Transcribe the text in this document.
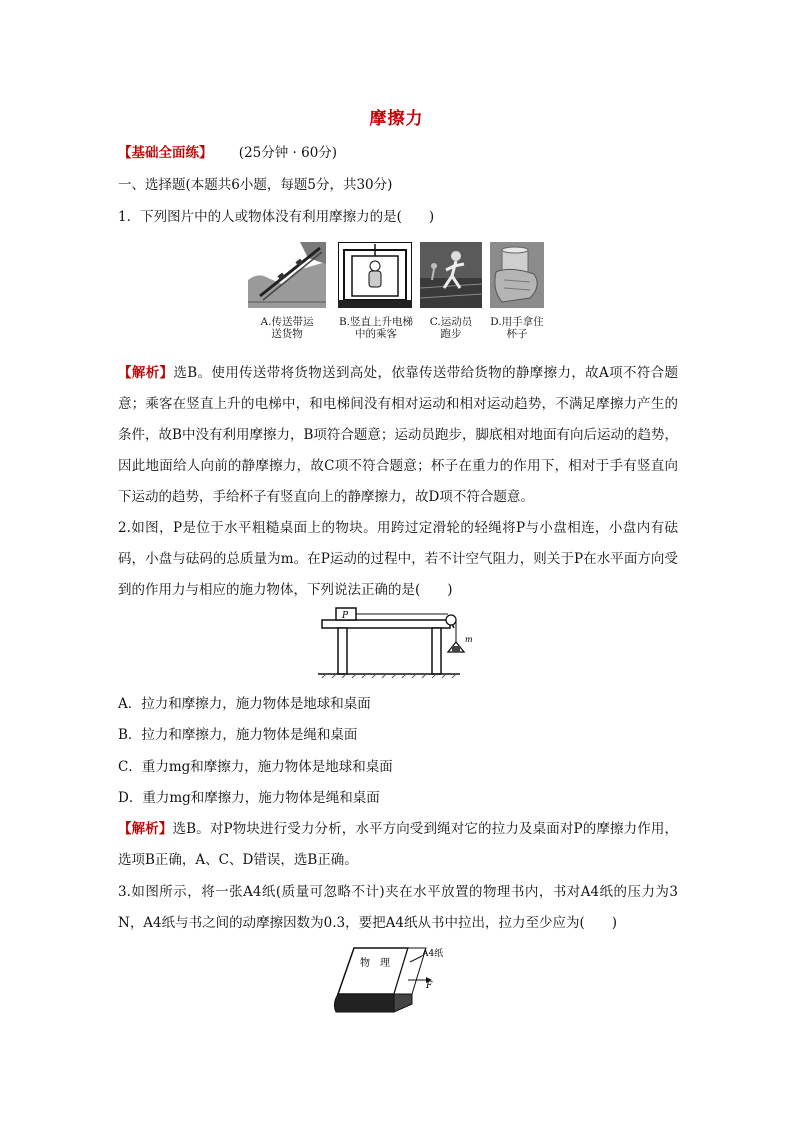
摩擦力
【基础全面练】 (25分钟 · 60分)
一、选择题(本题共6小题，每题5分，共30分)
1．下列图片中的人或物体没有利用摩擦力的是(　　)
A.传送带运
送货物
B.竖直上升电梯
中的乘客
C.运动员
跑步
D.用手拿住
杯子
【解析】选B。使用传送带将货物送到高处，依靠传送带给货物的静摩擦力，故A项不符合题意；乘客在竖直上升的电梯中，和电梯间没有相对运动和相对运动趋势，不满足摩擦力产生的条件，故B中没有利用摩擦力，B项符合题意；运动员跑步，脚底相对地面有向后运动的趋势，因此地面给人向前的静摩擦力，故C项不符合题意；杯子在重力的作用下，相对于手有竖直向下运动的趋势，手给杯子有竖直向上的静摩擦力，故D项不符合题意。
2.如图，P是位于水平粗糙桌面上的物块。用跨过定滑轮的轻绳将P与小盘相连，小盘内有砝码，小盘与砝码的总质量为m。在P运动的过程中，若不计空气阻力，则关于P在水平面方向受到的作用力与相应的施力物体，下列说法正确的是(　　)
P
m
A．拉力和摩擦力，施力物体是地球和桌面
B．拉力和摩擦力，施力物体是绳和桌面
C．重力mg和摩擦力，施力物体是地球和桌面
D．重力mg和摩擦力，施力物体是绳和桌面
【解析】选B。对P物块进行受力分析，水平方向受到绳对它的拉力及桌面对P的摩擦力作用，选项B正确，A、C、D错误，选B正确。
3.如图所示，将一张A4纸(质量可忽略不计)夹在水平放置的物理书内，书对A4纸的压力为3 N，A4纸与书之间的动摩擦因数为0.3，要把A4纸从书中拉出，拉力至少应为(　　)
物　理
A4纸
F
